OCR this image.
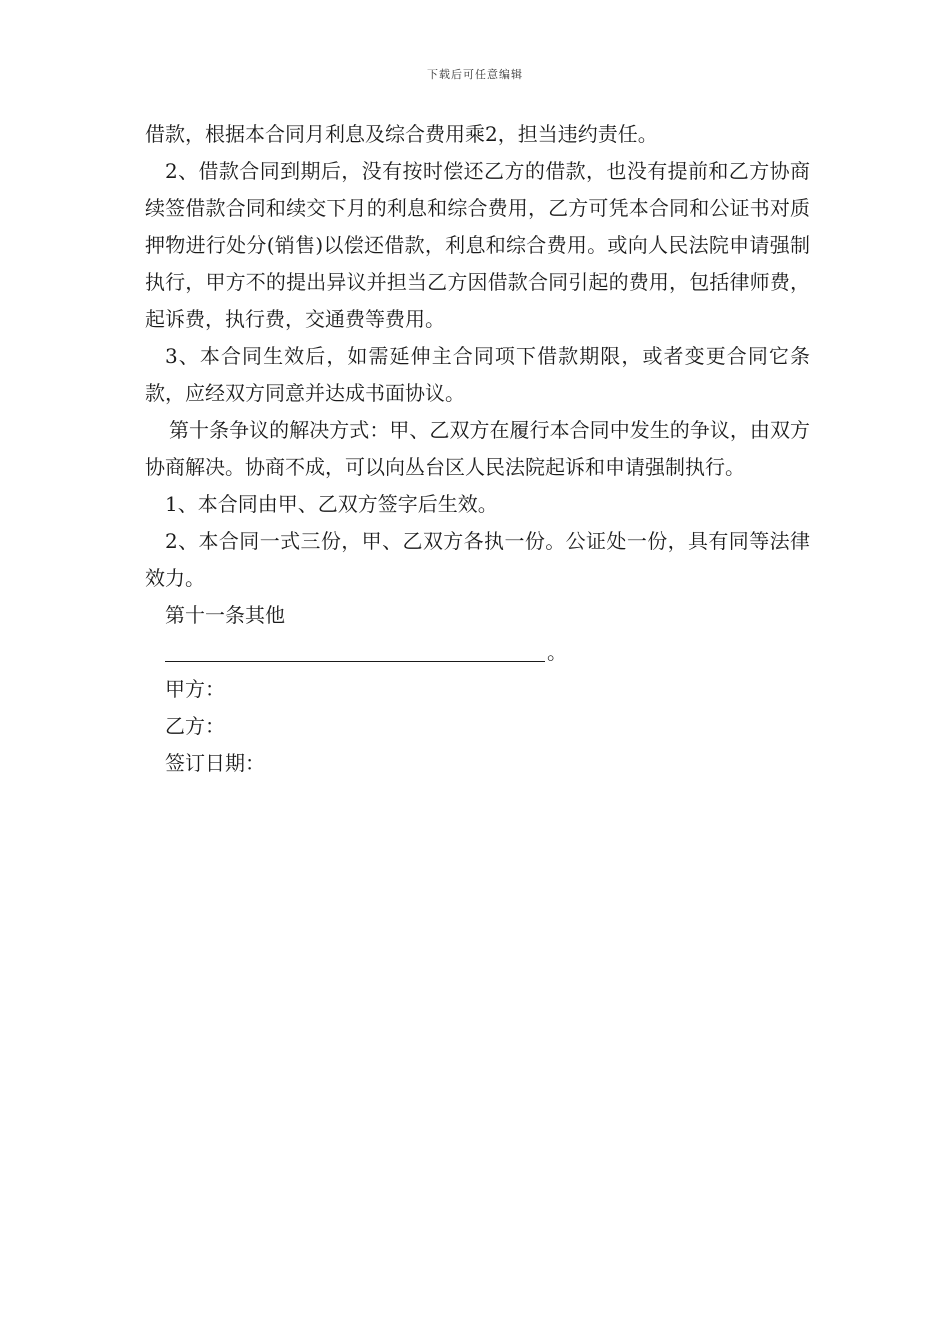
下载后可任意编辑

借款，根据本合同月利息及综合费用乘2，担当违约责任。

2、借款合同到期后，没有按时偿还乙方的借款，也没有提前和乙方协商续签借款合同和续交下月的利息和综合费用，乙方可凭本合同和公证书对质押物进行处分(销售)以偿还借款，利息和综合费用。或向人民法院申请强制执行，甲方不的提出异议并担当乙方因借款合同引起的费用，包括律师费，起诉费，执行费，交通费等费用。

3、本合同生效后，如需延伸主合同项下借款期限，或者变更合同它条款，应经双方同意并达成书面协议。

第十条争议的解决方式：甲、乙双方在履行本合同中发生的争议，由双方协商解决。协商不成，可以向丛台区人民法院起诉和申请强制执行。

1、本合同由甲、乙双方签字后生效。

2、本合同一式三份，甲、乙双方各执一份。公证处一份，具有同等法律效力。

第十一条其他

。

甲方：

乙方：

签订日期：
